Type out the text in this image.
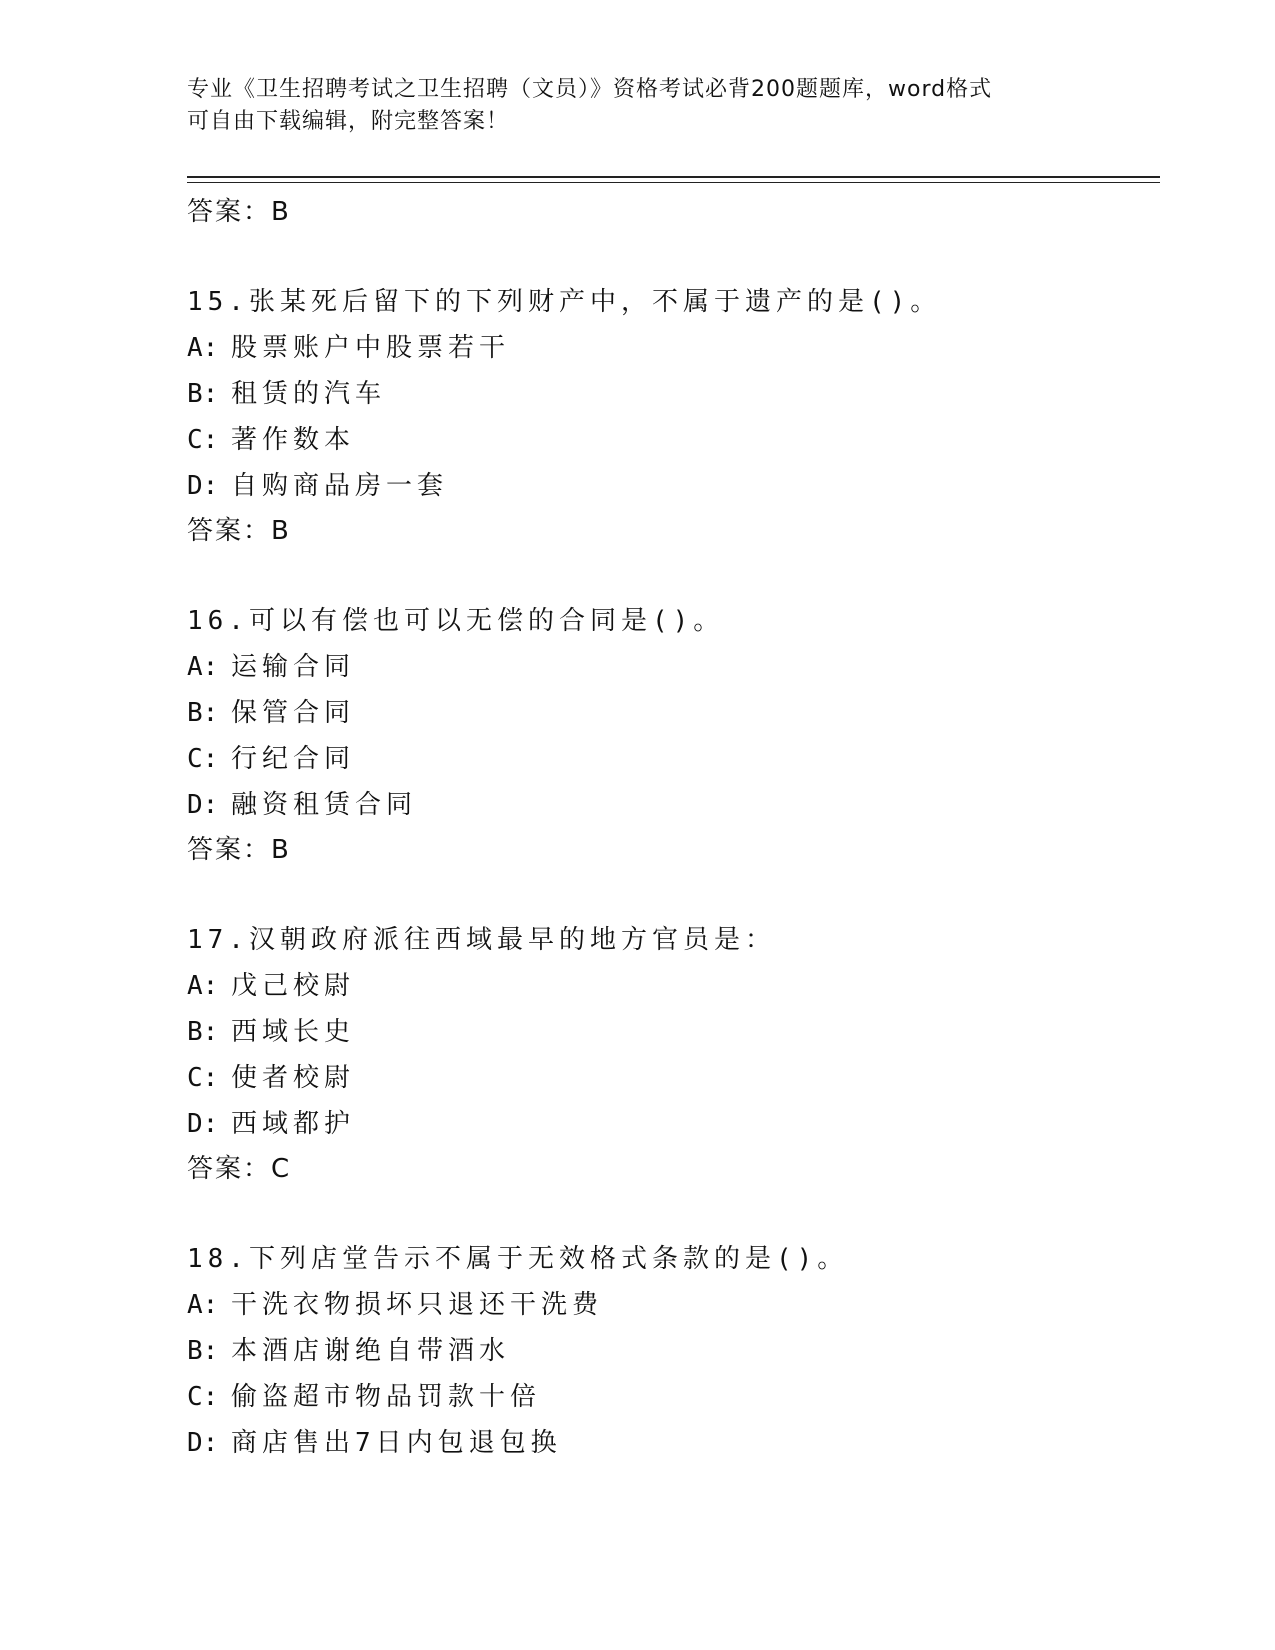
专业《卫生招聘考试之卫生招聘（文员）》资格考试必背200题题库，word格式
可自由下载编辑，附完整答案！
答案：B
15.张某死后留下的下列财产中，不属于遗产的是()。
A: 股票账户中股票若干
B: 租赁的汽车
C: 著作数本
D: 自购商品房一套
答案：B
16.可以有偿也可以无偿的合同是()。
A: 运输合同
B: 保管合同
C: 行纪合同
D: 融资租赁合同
答案：B
17.汉朝政府派往西域最早的地方官员是：
A: 戊己校尉
B: 西域长史
C: 使者校尉
D: 西域都护
答案：C
18.下列店堂告示不属于无效格式条款的是()。
A: 干洗衣物损坏只退还干洗费
B: 本酒店谢绝自带酒水
C: 偷盗超市物品罚款十倍
D: 商店售出7日内包退包换
